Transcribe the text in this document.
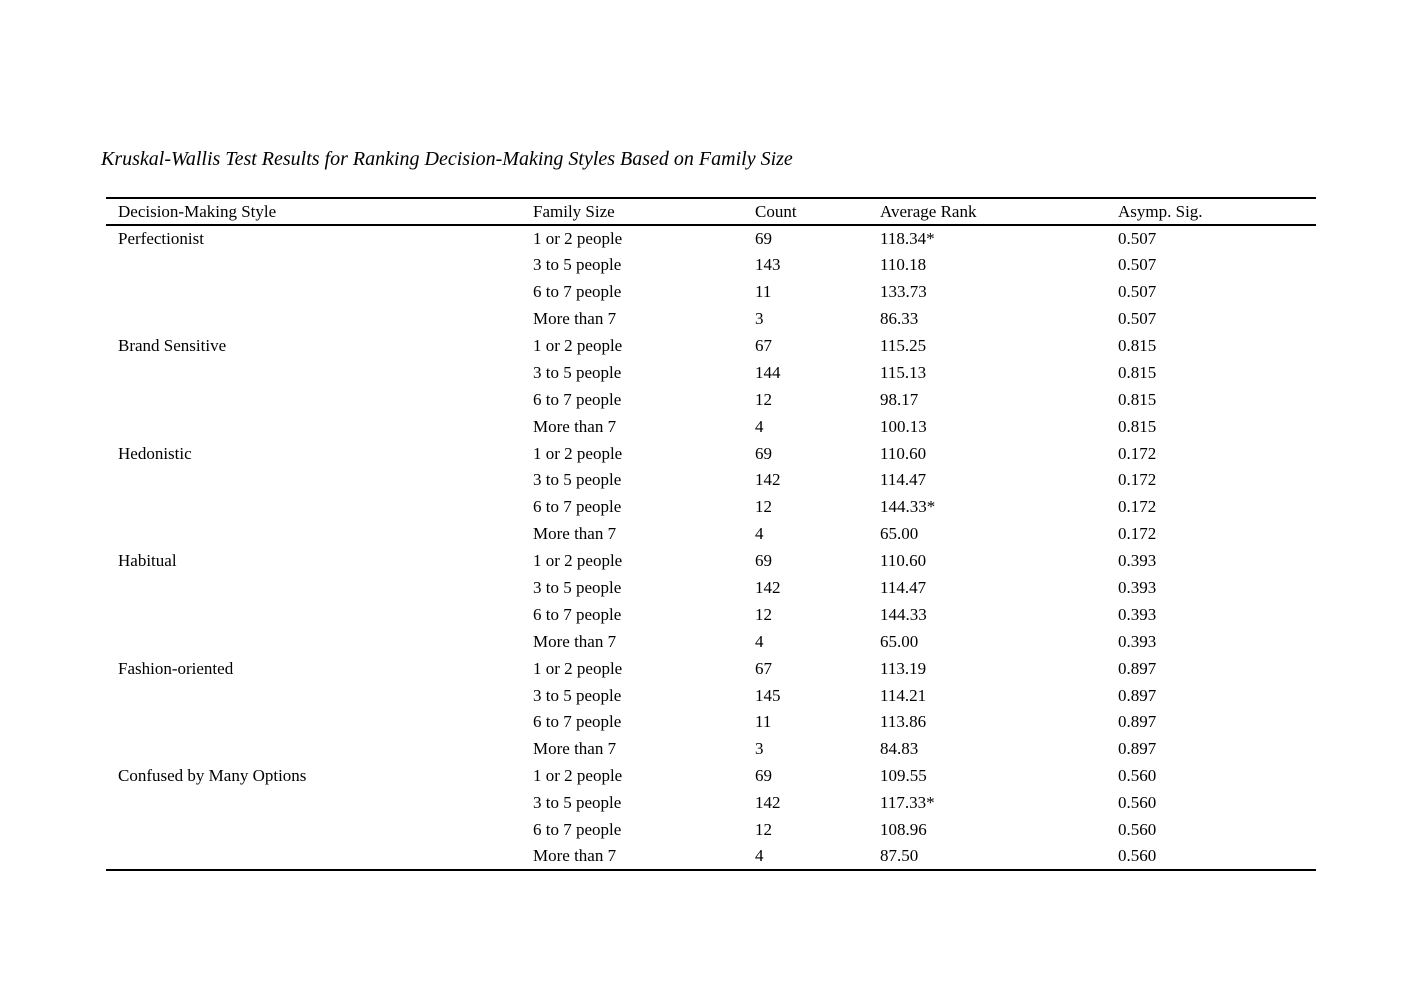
Kruskal-Wallis Test Results for Ranking Decision-Making Styles Based on Family Size
Decision-Making Style	Family Size	Count	Average Rank	Asymp. Sig.
Perfectionist	1 or 2 people	69	118.34*	0.507
	3 to 5 people	143	110.18	0.507
	6 to 7 people	11	133.73	0.507
	More than 7	3	86.33	0.507
Brand Sensitive	1 or 2 people	67	115.25	0.815
	3 to 5 people	144	115.13	0.815
	6 to 7 people	12	98.17	0.815
	More than 7	4	100.13	0.815
Hedonistic	1 or 2 people	69	110.60	0.172
	3 to 5 people	142	114.47	0.172
	6 to 7 people	12	144.33*	0.172
	More than 7	4	65.00	0.172
Habitual	1 or 2 people	69	110.60	0.393
	3 to 5 people	142	114.47	0.393
	6 to 7 people	12	144.33	0.393
	More than 7	4	65.00	0.393
Fashion-oriented	1 or 2 people	67	113.19	0.897
	3 to 5 people	145	114.21	0.897
	6 to 7 people	11	113.86	0.897
	More than 7	3	84.83	0.897
Confused by Many Options	1 or 2 people	69	109.55	0.560
	3 to 5 people	142	117.33*	0.560
	6 to 7 people	12	108.96	0.560
	More than 7	4	87.50	0.560
